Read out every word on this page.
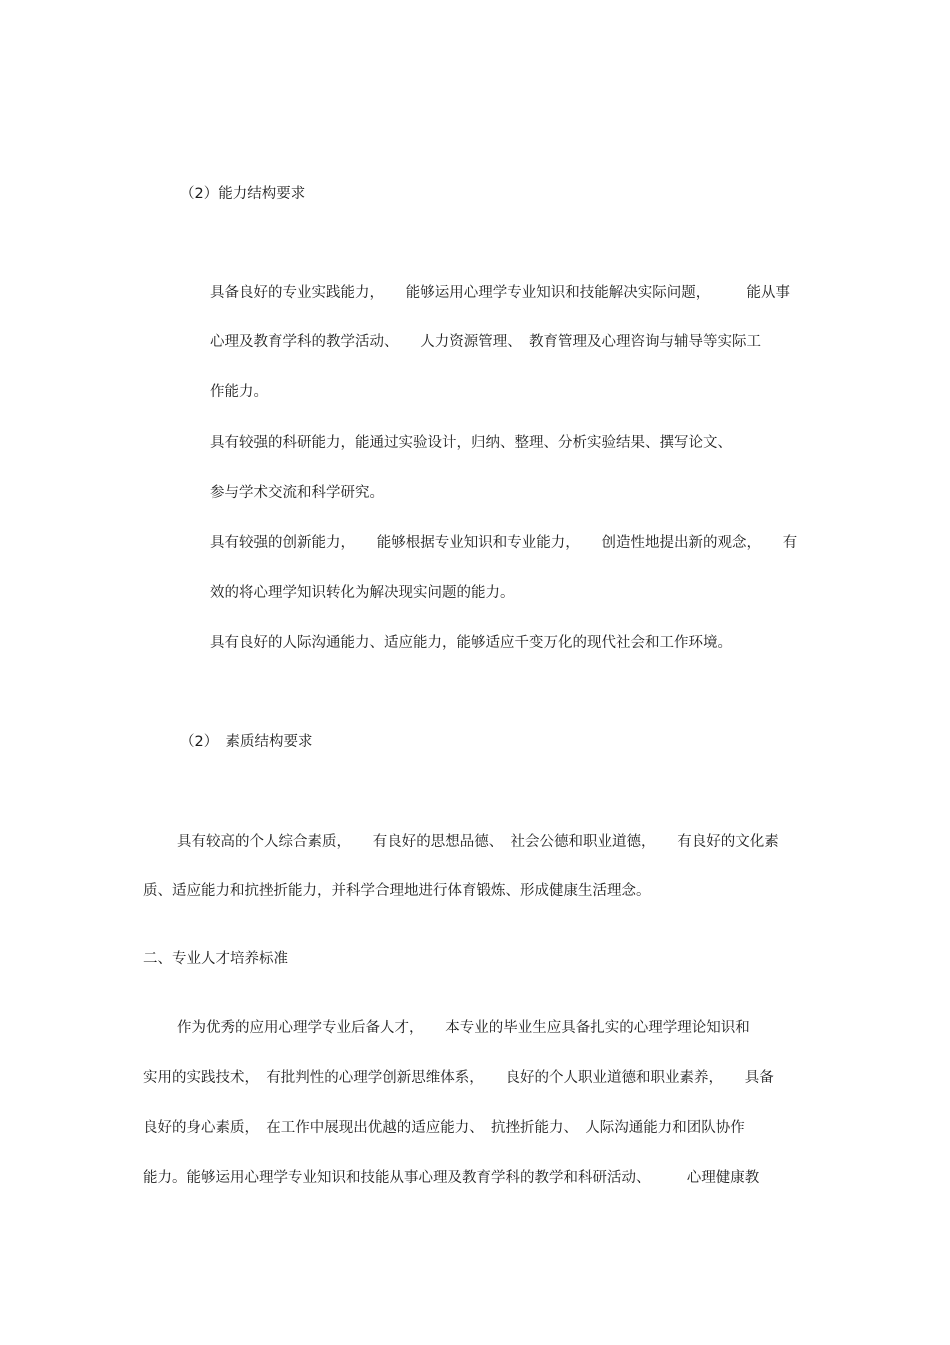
（2）能力结构要求
具备良好的专业实践能力，　　能够运用心理学专业知识和技能解决实际问题，　　　能从事
心理及教育学科的教学活动、　　人力资源管理、　教育管理及心理咨询与辅导等实际工
作能力。
具有较强的科研能力，能通过实验设计，归纳、整理、分析实验结果、撰写论文、
参与学术交流和科学研究。
具有较强的创新能力，　　能够根据专业知识和专业能力，　　创造性地提出新的观念，　　有
效的将心理学知识转化为解决现实问题的能力。
具有良好的人际沟通能力、适应能力，能够适应千变万化的现代社会和工作环境。
（2）　素质结构要求
具有较高的个人综合素质，　　有良好的思想品德、　社会公德和职业道德，　　有良好的文化素
质、适应能力和抗挫折能力，并科学合理地进行体育锻炼、形成健康生活理念。
二、专业人才培养标准
作为优秀的应用心理学专业后备人才，　　本专业的毕业生应具备扎实的心理学理论知识和
实用的实践技术，　有批判性的心理学创新思维体系，　　良好的个人职业道德和职业素养，　　具备
良好的身心素质，　在工作中展现出优越的适应能力、　抗挫折能力、　人际沟通能力和团队协作
能力。能够运用心理学专业知识和技能从事心理及教育学科的教学和科研活动、　　　心理健康教
